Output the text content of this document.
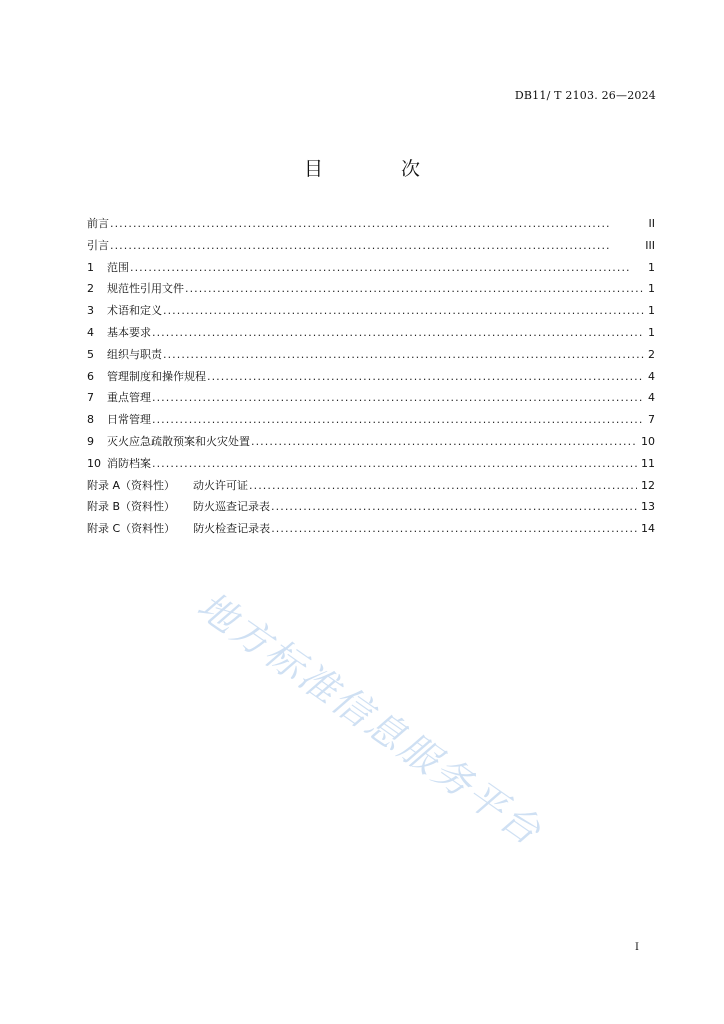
DB11/ T 2103. 26—2024
目 次
前言 . . .	II
引言 . . .	III
1	范围 . . .	1
2	规范性引用文件 . . .	1
3	术语和定义 . . .	1
4	基本要求 . . .	1
5	组织与职责 . . .	2
6	管理制度和操作规程 . . .	4
7	重点管理 . . .	4
8	日常管理 . . .	7
9	灭火应急疏散预案和火灾处置 . . .	10
10 消防档案 . . .	11
附录 A（资料性） 动火许可证 . . .	12
附录 B（资料性） 防火巡查记录表 . . .	13
附录 C（资料性） 防火检查记录表 . . .	14
地方标准信息服务平台
I
